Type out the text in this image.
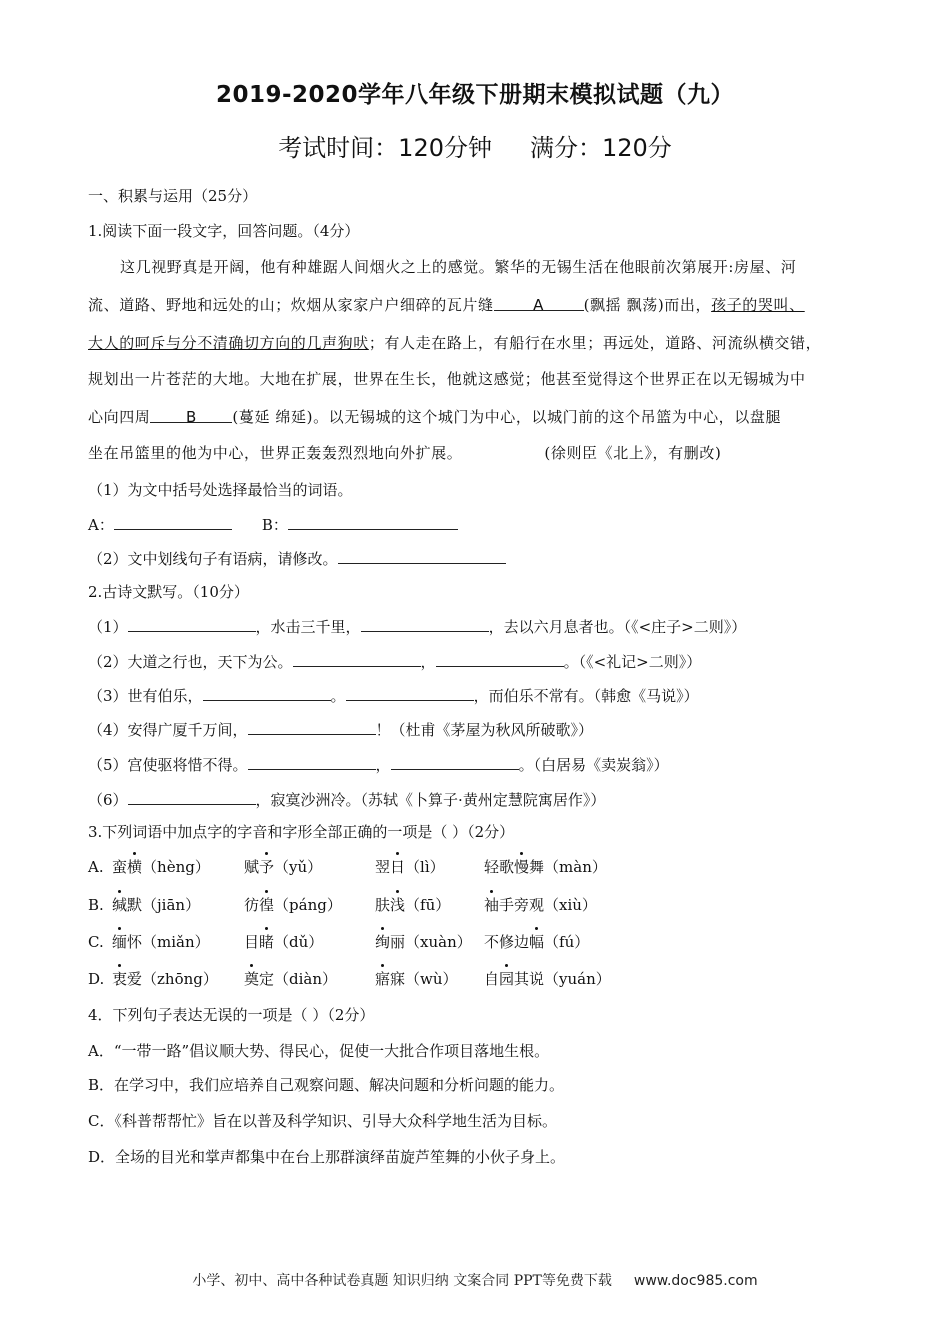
2019-2020学年八年级下册期末模拟试题（九）
考试时间：120分钟 满分：120分
一、积累与运用（25分）
1.阅读下面一段文字，回答问题。（4分）
这几视野真是开阔，他有种雄踞人间烟火之上的感觉。繁华的无锡生活在他眼前次第展开:房屋、河
流、道路、野地和远处的山；炊烟从家家户户细碎的瓦片缝	A	(飘摇 飘荡)而出，孩子的哭叫、
大人的呵斥与分不清确切方向的几声狗吠；有人走在路上，有船行在水里；再远处，道路、河流纵横交错，
规划出一片苍茫的大地。大地在扩展，世界在生长，他就这感觉；他甚至觉得这个世界正在以无锡城为中
心向四周 B (蔓延 绵延)。以无锡城的这个城门为中心，以城门前的这个吊篮为中心，以盘腿
坐在吊篮里的他为中心，世界正轰轰烈烈地向外扩展。	(徐则臣《北上》，有删改)
（1）为文中括号处选择最恰当的词语。
A：	B：
（2）文中划线句子有语病，请修改。
2.古诗文默写。（10分）
（1）	，水击三千里，	，去以六月息者也。（《<庄子>二则》）
（2）大道之行也，天下为公。	，	。（《<礼记>二则》）
（3）世有伯乐，	。	，而伯乐不常有。（韩愈《马说》）
（4）安得广厦千万间，	！（杜甫《茅屋为秋风所破歌》）
（5）宫使驱将惜不得。	，	。（白居易《卖炭翁》）
（6）	，寂寞沙洲冷。（苏轼《卜算子·黄州定慧院寓居作》）
3.下列词语中加点字的字音和字形全部正确的一项是（ ）（2分）
A. 蛮横（hèng） 赋予（yǔ）	翌日（lì）	轻歌慢舞（màn）
B. 缄默（jiān）	彷徨（páng） 肤浅（fū） 袖手旁观（xiù）
C. 缅怀（miǎn） 目睹（dǔ）	绚丽（xuàn） 不修边幅（fú）
D. 衷爱（zhōng） 奠定（diàn）	寤寐（wù） 自园其说（yuán）
4．下列句子表达无误的一项是（ ）（2分）
A．“一带一路”倡议顺大势、得民心，促使一大批合作项目落地生根。
B．在学习中，我们应培养自己观察问题、解决问题和分析问题的能力。
C．《科普帮帮忙》旨在以普及科学知识、引导大众科学地生活为目标。
D．全场的目光和掌声都集中在台上那群演绎苗旋芦笙舞的小伙子身上。
小学、初中、高中各种试卷真题 知识归纳 文案合同 PPT等免费下载 www.doc985.com
